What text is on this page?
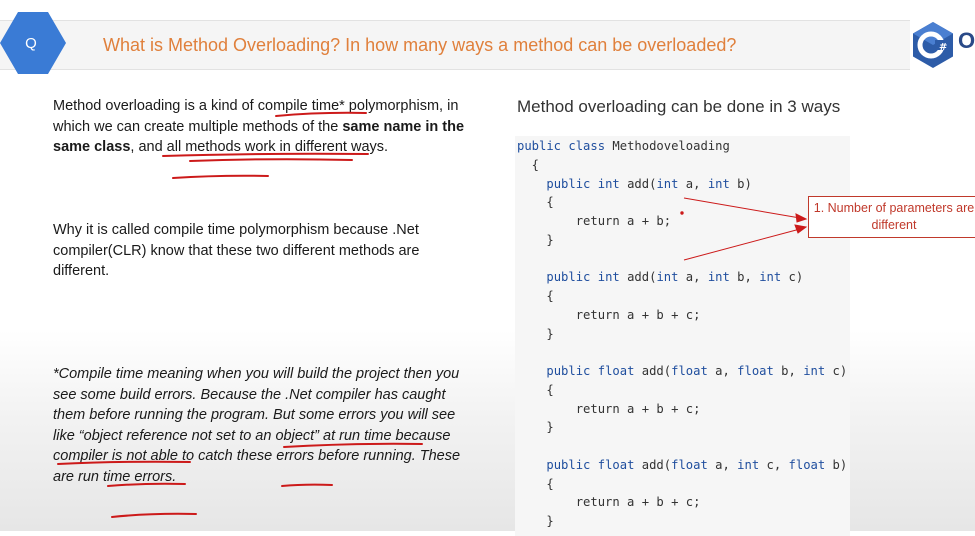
Q	What is Method Overloading? In how many ways a method can be overloaded?	# O
Method overloading is a kind of compile time* polymorphism, in which we can create multiple methods of the same name in the same class, and all methods work in different ways.
Why it is called compile time polymorphism because .Net compiler(CLR) know that these two different methods are different.
*Compile time meaning when you will build the project then you see some build errors. Because the .Net compiler has caught them before running the program. But some errors you will see like “object reference not set to an object” at run time because compiler is not able to catch these errors before running. These are run time errors.
Method overloading can be done in 3 ways
public class Methodoveloading
{
public int add(int a, int b)
{
return a + b;
}

public int add(int a, int b, int c)
{
return a + b + c;
}

public float add(float a, float b, int c)
{
return a + b + c;
}

public float add(float a, int c, float b)
{
return a + b + c;
}
1. Number of parameters are different
